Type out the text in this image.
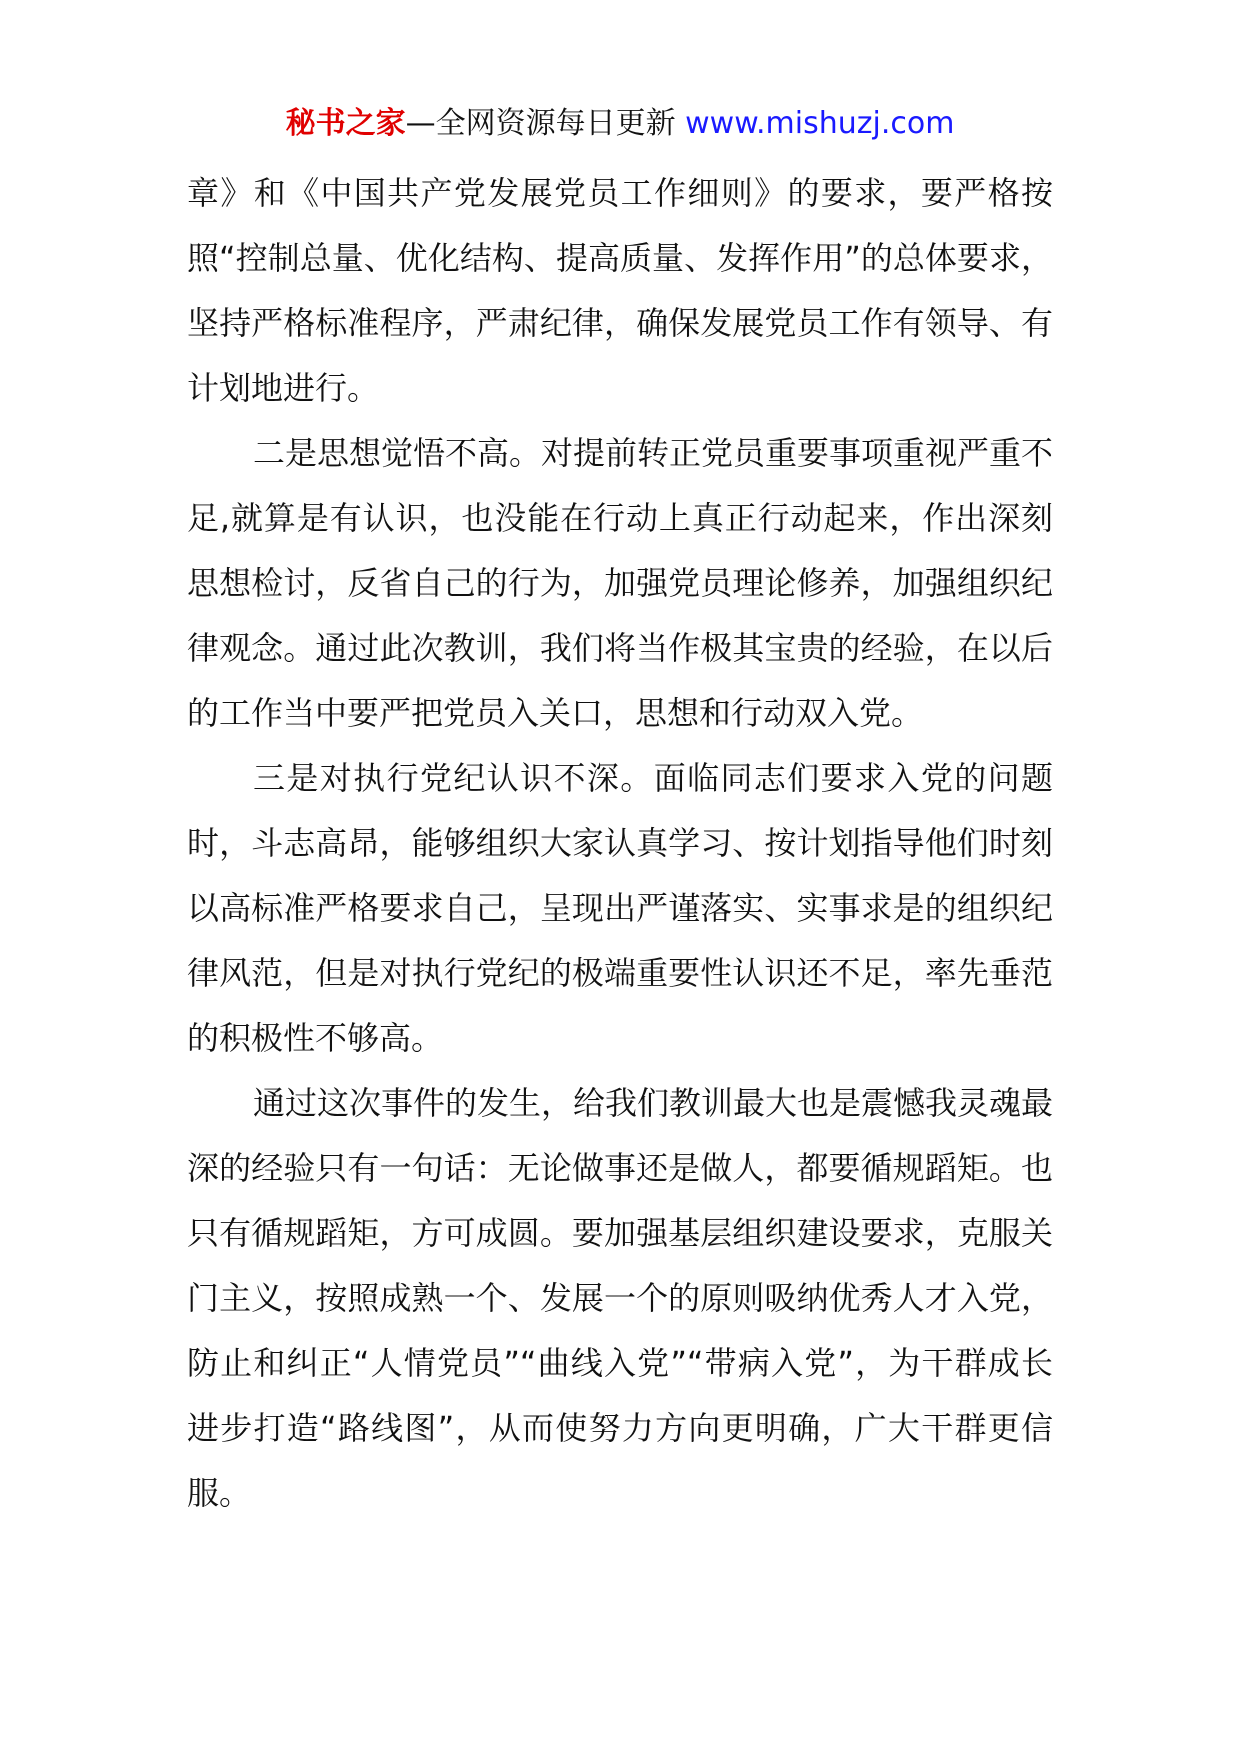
秘书之家—全网资源每日更新 www.mishuzj.com

章》和《中国共产党发展党员工作细则》的要求，要严格按照“控制总量、优化结构、提高质量、发挥作用”的总体要求，坚持严格标准程序，严肃纪律，确保发展党员工作有领导、有计划地进行。

二是思想觉悟不高。对提前转正党员重要事项重视严重不足,就算是有认识，也没能在行动上真正行动起来，作出深刻思想检讨，反省自己的行为，加强党员理论修养，加强组织纪律观念。通过此次教训，我们将当作极其宝贵的经验，在以后的工作当中要严把党员入关口，思想和行动双入党。

三是对执行党纪认识不深。面临同志们要求入党的问题时，斗志高昂，能够组织大家认真学习、按计划指导他们时刻以高标准严格要求自己，呈现出严谨落实、实事求是的组织纪律风范，但是对执行党纪的极端重要性认识还不足，率先垂范的积极性不够高。

通过这次事件的发生，给我们教训最大也是震憾我灵魂最深的经验只有一句话：无论做事还是做人，都要循规蹈矩。也只有循规蹈矩，方可成圆。要加强基层组织建设要求，克服关门主义，按照成熟一个、发展一个的原则吸纳优秀人才入党，防止和纠正“人情党员”“曲线入党”“带病入党”，为干群成长进步打造“路线图”，从而使努力方向更明确，广大干群更信服。
